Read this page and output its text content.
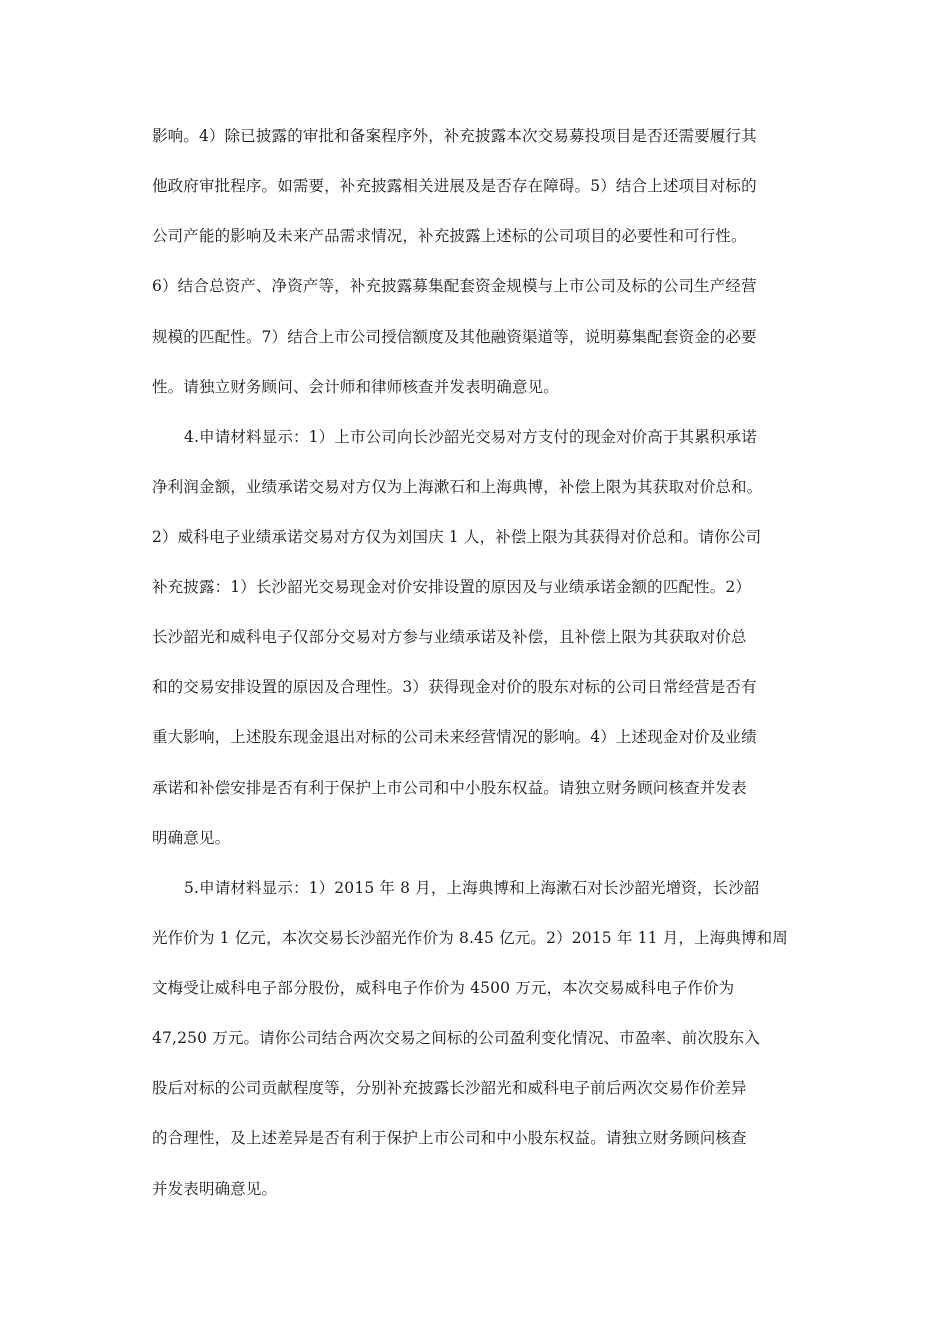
影响。4）除已披露的审批和备案程序外，补充披露本次交易募投项目是否还需要履行其
他政府审批程序。如需要，补充披露相关进展及是否存在障碍。5）结合上述项目对标的
公司产能的影响及未来产品需求情况，补充披露上述标的公司项目的必要性和可行性。
6）结合总资产、净资产等，补充披露募集配套资金规模与上市公司及标的公司生产经营
规模的匹配性。7）结合上市公司授信额度及其他融资渠道等，说明募集配套资金的必要
性。请独立财务顾问、会计师和律师核查并发表明确意见。
4.申请材料显示：1）上市公司向长沙韶光交易对方支付的现金对价高于其累积承诺
净利润金额，业绩承诺交易对方仅为上海漱石和上海典博，补偿上限为其获取对价总和。
2）威科电子业绩承诺交易对方仅为刘国庆 1 人，补偿上限为其获得对价总和。请你公司
补充披露：1）长沙韶光交易现金对价安排设置的原因及与业绩承诺金额的匹配性。2）
长沙韶光和威科电子仅部分交易对方参与业绩承诺及补偿，且补偿上限为其获取对价总
和的交易安排设置的原因及合理性。3）获得现金对价的股东对标的公司日常经营是否有
重大影响，上述股东现金退出对标的公司未来经营情况的影响。4）上述现金对价及业绩
承诺和补偿安排是否有利于保护上市公司和中小股东权益。请独立财务顾问核查并发表
明确意见。
5.申请材料显示：1）2015 年 8 月，上海典博和上海漱石对长沙韶光增资，长沙韶
光作价为 1 亿元，本次交易长沙韶光作价为 8.45 亿元。2）2015 年 11 月，上海典博和周
文梅受让威科电子部分股份，威科电子作价为 4500 万元，本次交易威科电子作价为
47,250 万元。请你公司结合两次交易之间标的公司盈利变化情况、市盈率、前次股东入
股后对标的公司贡献程度等，分别补充披露长沙韶光和威科电子前后两次交易作价差异
的合理性，及上述差异是否有利于保护上市公司和中小股东权益。请独立财务顾问核查
并发表明确意见。
